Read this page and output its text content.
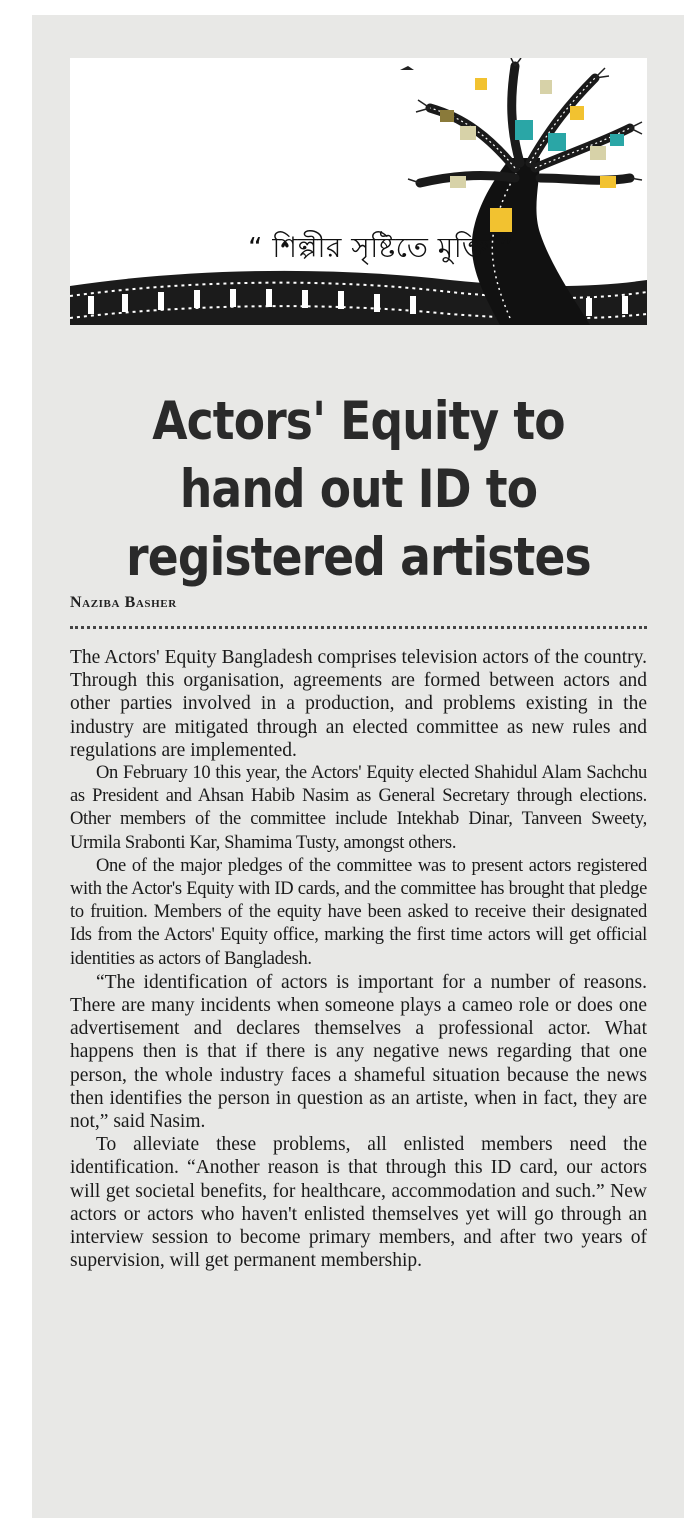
“ শিল্পীর সৃষ্টিতে মুক্তি ”
Actors' Equity to hand out ID to registered artistes
Naziba Basher

The Actors' Equity Bangladesh comprises television actors of the country. Through this organisation, agreements are formed between actors and other parties involved in a production, and problems existing in the industry are mitigated through an elected committee as new rules and regulations are implemented.

On February 10 this year, the Actors' Equity elected Shahidul Alam Sachchu as President and Ahsan Habib Nasim as General Secretary through elections. Other members of the committee include Intekhab Dinar, Tanveen Sweety, Urmila Srabonti Kar, Shamima Tusty, amongst others.

One of the major pledges of the committee was to present actors registered with the Actor's Equity with ID cards, and the committee has brought that pledge to fruition. Members of the equity have been asked to receive their designated Ids from the Actors' Equity office, marking the first time actors will get official identities as actors of Bangladesh.

“The identification of actors is important for a number of reasons. There are many incidents when someone plays a cameo role or does one advertisement and declares themselves a professional actor. What happens then is that if there is any negative news regarding that one person, the whole industry faces a shameful situation because the news then identifies the person in question as an artiste, when in fact, they are not,” said Nasim.

To alleviate these problems, all enlisted members need the identification. “Another reason is that through this ID card, our actors will get societal benefits, for healthcare, accommodation and such.” New actors or actors who haven't enlisted themselves yet will go through an interview session to become primary members, and after two years of supervision, will get permanent membership.
